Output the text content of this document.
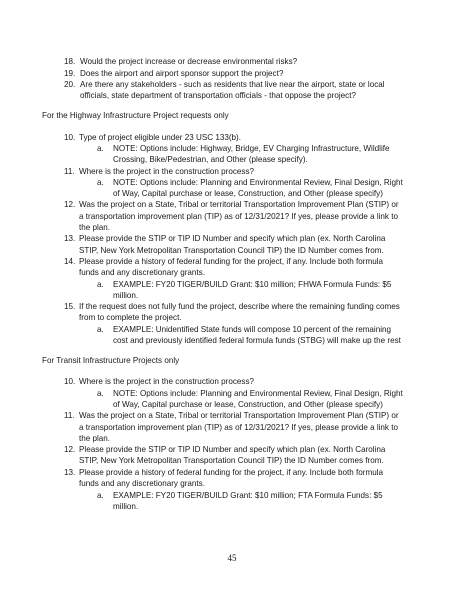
18. Would the project increase or decrease environmental risks?
19. Does the airport and airport sponsor support the project?
20. Are there any stakeholders - such as residents that live near the airport, state or local officials, state department of transportation officials - that oppose the project?
For the Highway Infrastructure Project requests only
10. Type of project eligible under 23 USC 133(b).
a. NOTE: Options include: Highway, Bridge, EV Charging Infrastructure, Wildlife Crossing, Bike/Pedestrian, and Other (please specify).
11. Where is the project in the construction process?
a. NOTE: Options include: Planning and Environmental Review, Final Design, Right of Way, Capital purchase or lease, Construction, and Other (please specify)
12. Was the project on a State, Tribal or territorial Transportation Improvement Plan (STIP) or a transportation improvement plan (TIP) as of 12/31/2021? If yes, please provide a link to the plan.
13. Please provide the STIP or TIP ID Number and specify which plan (ex. North Carolina STIP, New York Metropolitan Transportation Council TIP) the ID Number comes from.
14. Please provide a history of federal funding for the project, if any. Include both formula funds and any discretionary grants.
a. EXAMPLE: FY20 TIGER/BUILD Grant: $10 million; FHWA Formula Funds: $5 million.
15. If the request does not fully fund the project, describe where the remaining funding comes from to complete the project.
a. EXAMPLE: Unidentified State funds will compose 10 percent of the remaining cost and previously identified federal formula funds (STBG) will make up the rest
For Transit Infrastructure Projects only
10. Where is the project in the construction process?
a. NOTE: Options include: Planning and Environmental Review, Final Design, Right of Way, Capital purchase or lease, Construction, and Other (please specify)
11. Was the project on a State, Tribal or territorial Transportation Improvement Plan (STIP) or a transportation improvement plan (TIP) as of 12/31/2021? If yes, please provide a link to the plan.
12. Please provide the STIP or TIP ID Number and specify which plan (ex. North Carolina STIP, New York Metropolitan Transportation Council TIP) the ID Number comes from.
13. Please provide a history of federal funding for the project, if any. Include both formula funds and any discretionary grants.
a. EXAMPLE: FY20 TIGER/BUILD Grant: $10 million; FTA Formula Funds: $5 million.
45
